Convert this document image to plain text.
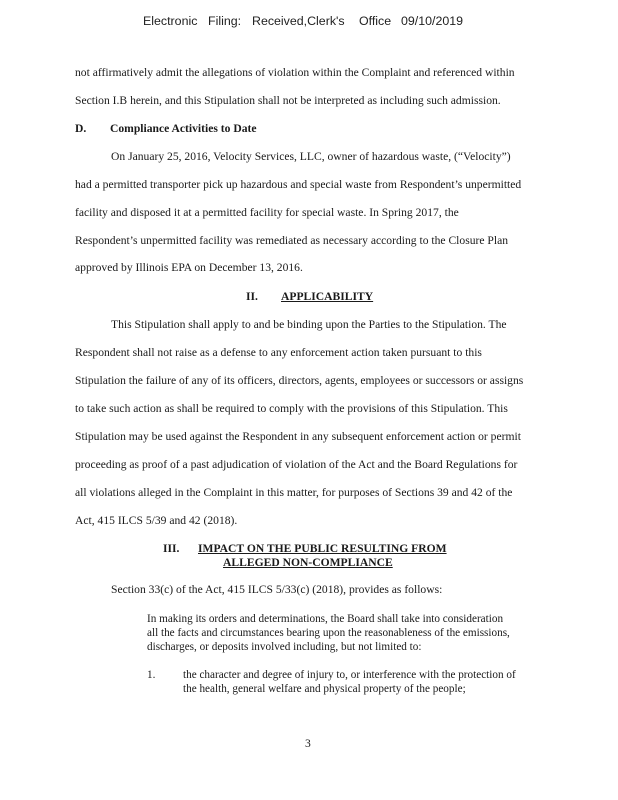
Electronic Filing: Received,Clerk's Office 09/10/2019
not affirmatively admit the allegations of violation within the Complaint and referenced within
Section I.B herein, and this Stipulation shall not be interpreted as including such admission.
D. Compliance Activities to Date
On January 25, 2016, Velocity Services, LLC, owner of hazardous waste, (“Velocity”)
had a permitted transporter pick up hazardous and special waste from Respondent’s unpermitted
facility and disposed it at a permitted facility for special waste. In Spring 2017, the
Respondent’s unpermitted facility was remediated as necessary according to the Closure Plan
approved by Illinois EPA on December 13, 2016.
II. APPLICABILITY
This Stipulation shall apply to and be binding upon the Parties to the Stipulation. The
Respondent shall not raise as a defense to any enforcement action taken pursuant to this
Stipulation the failure of any of its officers, directors, agents, employees or successors or assigns
to take such action as shall be required to comply with the provisions of this Stipulation. This
Stipulation may be used against the Respondent in any subsequent enforcement action or permit
proceeding as proof of a past adjudication of violation of the Act and the Board Regulations for
all violations alleged in the Complaint in this matter, for purposes of Sections 39 and 42 of the
Act, 415 ILCS 5/39 and 42 (2018).
III. IMPACT ON THE PUBLIC RESULTING FROM
ALLEGED NON-COMPLIANCE
Section 33(c) of the Act, 415 ILCS 5/33(c) (2018), provides as follows:
In making its orders and determinations, the Board shall take into consideration
all the facts and circumstances bearing upon the reasonableness of the emissions,
discharges, or deposits involved including, but not limited to:
1. the character and degree of injury to, or interference with the protection of
the health, general welfare and physical property of the people;
3
